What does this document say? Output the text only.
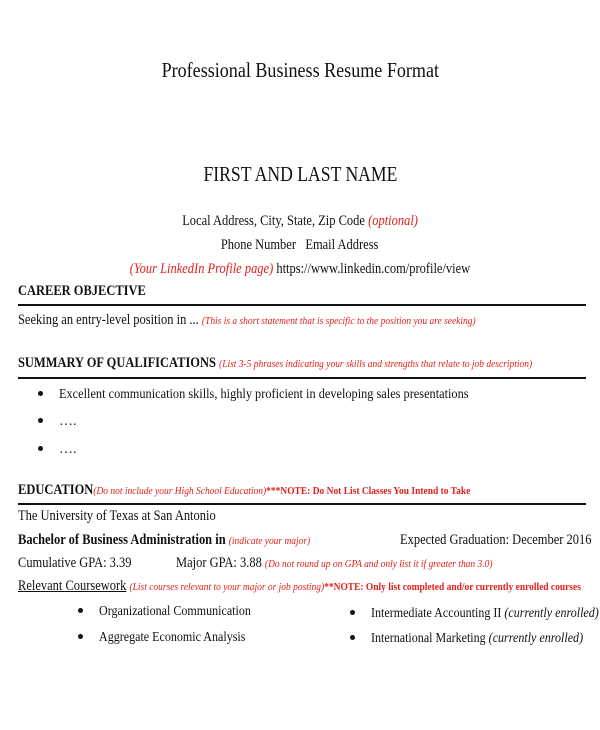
Professional Business Resume Format
FIRST AND LAST NAME
Local Address, City, State, Zip Code (optional)
Phone Number   Email Address
(Your LinkedIn Profile page) https://www.linkedin.com/profile/view
CAREER OBJECTIVE
Seeking an entry-level position in ... (This is a short statement that is specific to the position you are seeking)
SUMMARY OF QUALIFICATIONS (List 3-5 phrases indicating your skills and strengths that relate to job description)
Excellent communication skills, highly proficient in developing sales presentations
….
….
EDUCATION(Do not include your High School Education)***NOTE: Do Not List Classes You Intend to Take
The University of Texas at San Antonio
Bachelor of Business Administration in (indicate your major)	Expected Graduation: December 2016
Cumulative GPA: 3.39	Major GPA: 3.88 (Do not round up on GPA and only list it if greater than 3.0)
Relevant Coursework (List courses relevant to your major or job posting)**NOTE: Only list completed and/or currently enrolled courses
Organizational Communication
Aggregate Economic Analysis
Intermediate Accounting II (currently enrolled)
International Marketing (currently enrolled)
